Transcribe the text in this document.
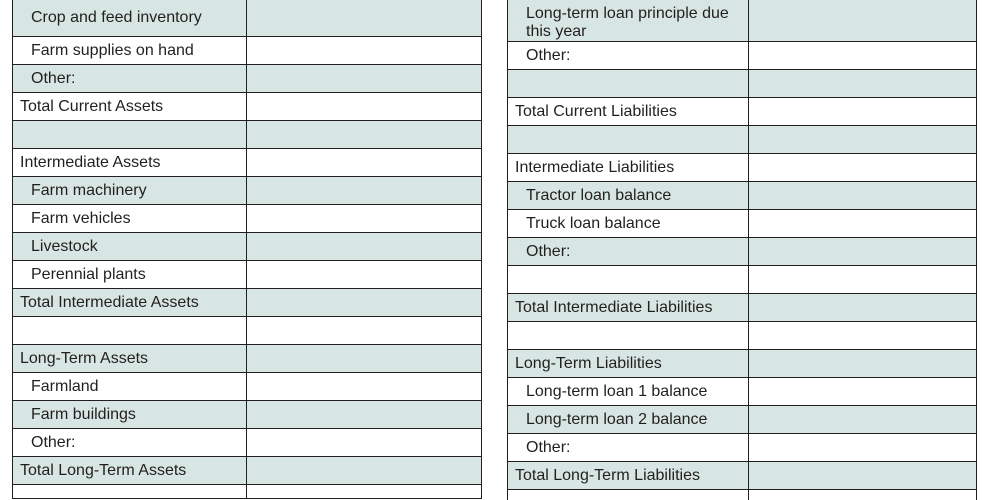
Crop and feed inventory	
Farm supplies on hand	
Other:	
Total Current Assets	

Intermediate Assets	
Farm machinery	
Farm vehicles	
Livestock	
Perennial plants	
Total Intermediate Assets	

Long-Term Assets	
Farmland	
Farm buildings	
Other:	
Total Long-Term Assets	

Long-term loan principle due this year	
Other:	

Total Current Liabilities	

Intermediate Liabilities	
Tractor loan balance	
Truck loan balance	
Other:	

Total Intermediate Liabilities	

Long-Term Liabilities	
Long-term loan 1 balance	
Long-term loan 2 balance	
Other:	
Total Long-Term Liabilities	
